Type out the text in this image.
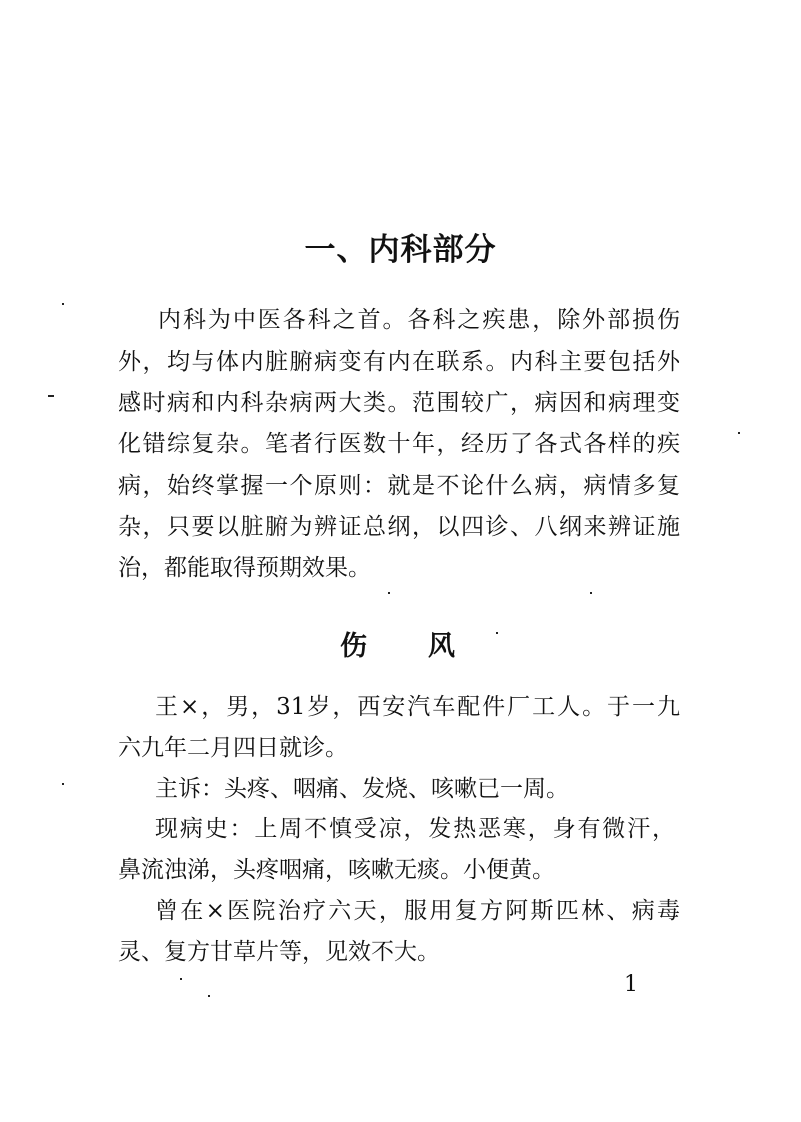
一、内科部分
内科为中医各科之首。各科之疾患，除外部损伤
外，均与体内脏腑病变有内在联系。内科主要包括外
感时病和内科杂病两大类。范围较广，病因和病理变
化错综复杂。笔者行医数十年，经历了各式各样的疾
病，始终掌握一个原则：就是不论什么病，病情多复
杂，只要以脏腑为辨证总纲，以四诊、八纲来辨证施
治，都能取得预期效果。
伤 风
王×，男，31岁，西安汽车配件厂工人。于一九
六九年二月四日就诊。
主诉：头疼、咽痛、发烧、咳嗽已一周。
现病史：上周不慎受凉，发热恶寒，身有微汗，
鼻流浊涕，头疼咽痛，咳嗽无痰。小便黄。
曾在×医院治疗六天，服用复方阿斯匹林、病毒
灵、复方甘草片等，见效不大。
1
